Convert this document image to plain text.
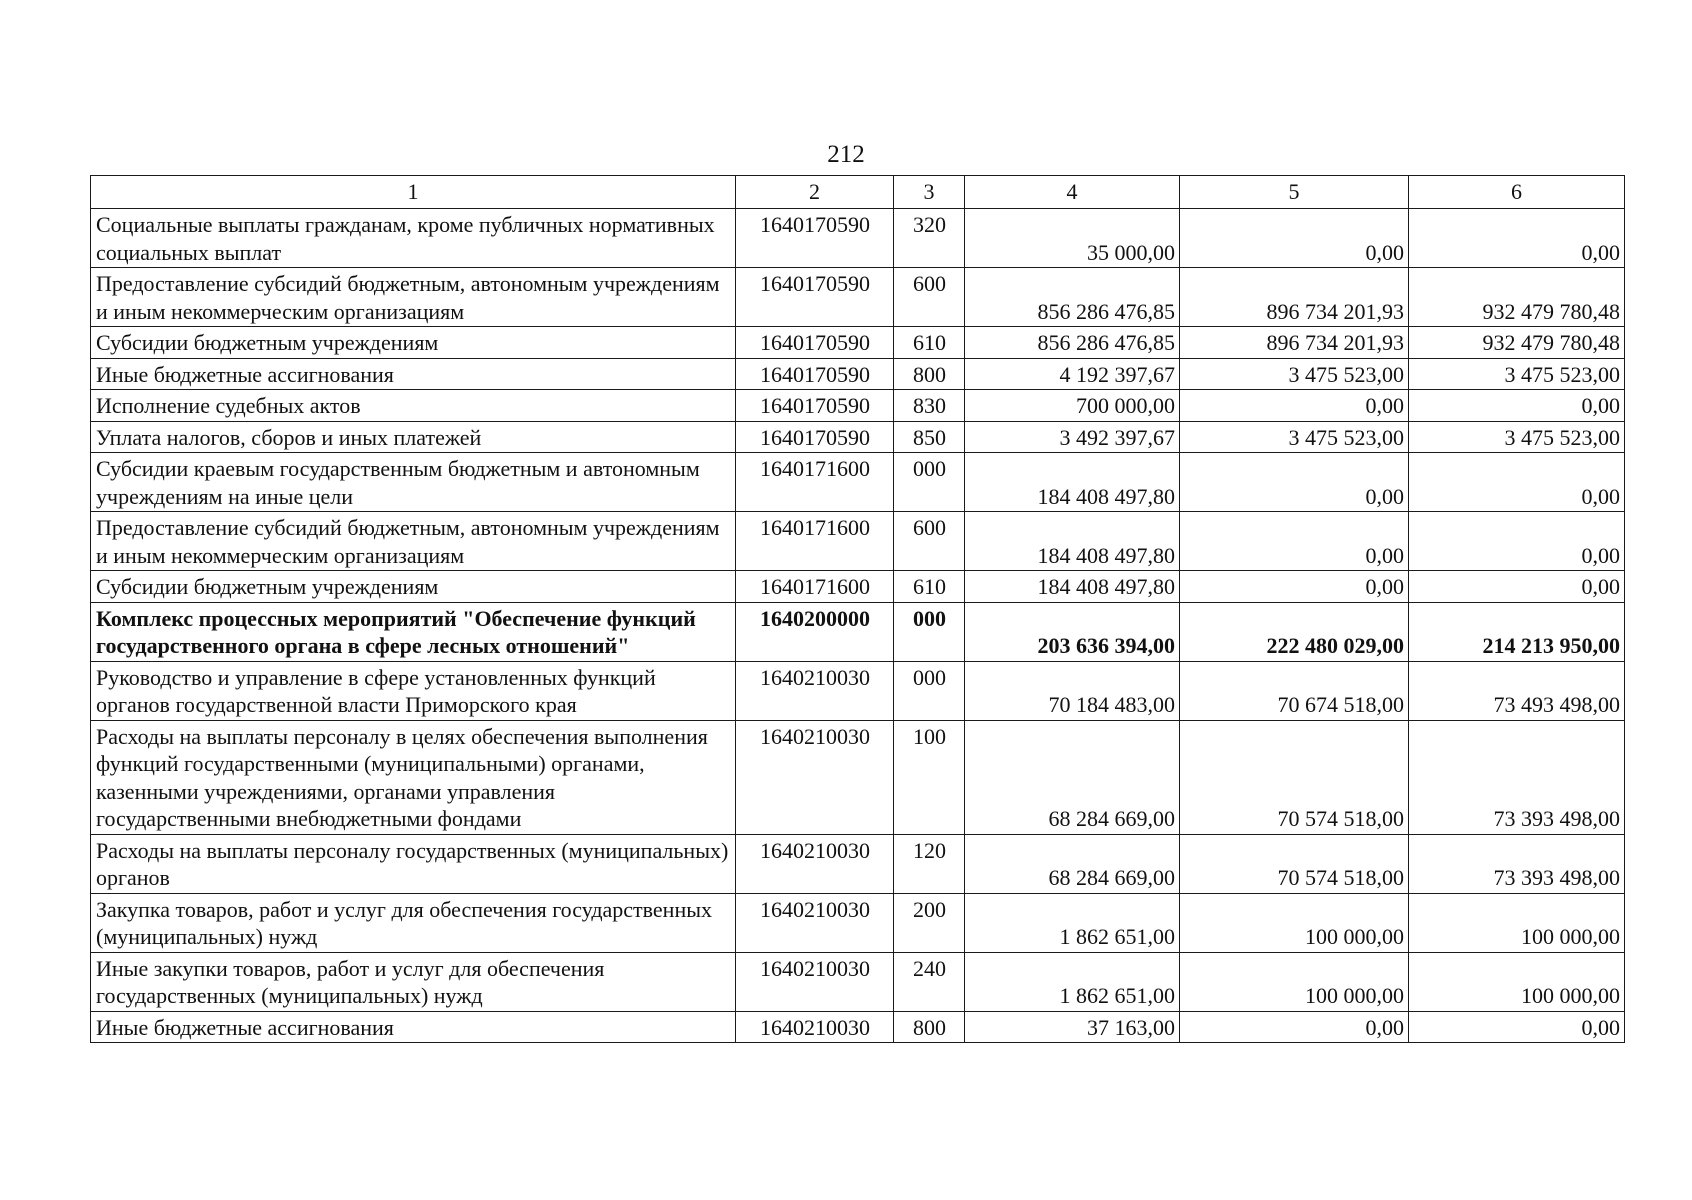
212
1	2	3	4	5	6
Социальные выплаты гражданам, кроме публичных нормативных социальных выплат	1640170590	320	35 000,00	0,00	0,00
Предоставление субсидий бюджетным, автономным учреждениям и иным некоммерческим организациям	1640170590	600	856 286 476,85	896 734 201,93	932 479 780,48
Субсидии бюджетным учреждениям	1640170590	610	856 286 476,85	896 734 201,93	932 479 780,48
Иные бюджетные ассигнования	1640170590	800	4 192 397,67	3 475 523,00	3 475 523,00
Исполнение судебных актов	1640170590	830	700 000,00	0,00	0,00
Уплата налогов, сборов и иных платежей	1640170590	850	3 492 397,67	3 475 523,00	3 475 523,00
Субсидии краевым государственным бюджетным и автономным учреждениям на иные цели	1640171600	000	184 408 497,80	0,00	0,00
Предоставление субсидий бюджетным, автономным учреждениям и иным некоммерческим организациям	1640171600	600	184 408 497,80	0,00	0,00
Субсидии бюджетным учреждениям	1640171600	610	184 408 497,80	0,00	0,00
Комплекс процессных мероприятий "Обеспечение функций государственного органа в сфере лесных отношений"	1640200000	000	203 636 394,00	222 480 029,00	214 213 950,00
Руководство и управление в сфере установленных функций органов государственной власти Приморского края	1640210030	000	70 184 483,00	70 674 518,00	73 493 498,00
Расходы на выплаты персоналу в целях обеспечения выполнения функций государственными (муниципальными) органами, казенными учреждениями, органами управления государственными внебюджетными фондами	1640210030	100	68 284 669,00	70 574 518,00	73 393 498,00
Расходы на выплаты персоналу государственных (муниципальных) органов	1640210030	120	68 284 669,00	70 574 518,00	73 393 498,00
Закупка товаров, работ и услуг для обеспечения государственных (муниципальных) нужд	1640210030	200	1 862 651,00	100 000,00	100 000,00
Иные закупки товаров, работ и услуг для обеспечения государственных (муниципальных) нужд	1640210030	240	1 862 651,00	100 000,00	100 000,00
Иные бюджетные ассигнования	1640210030	800	37 163,00	0,00	0,00
